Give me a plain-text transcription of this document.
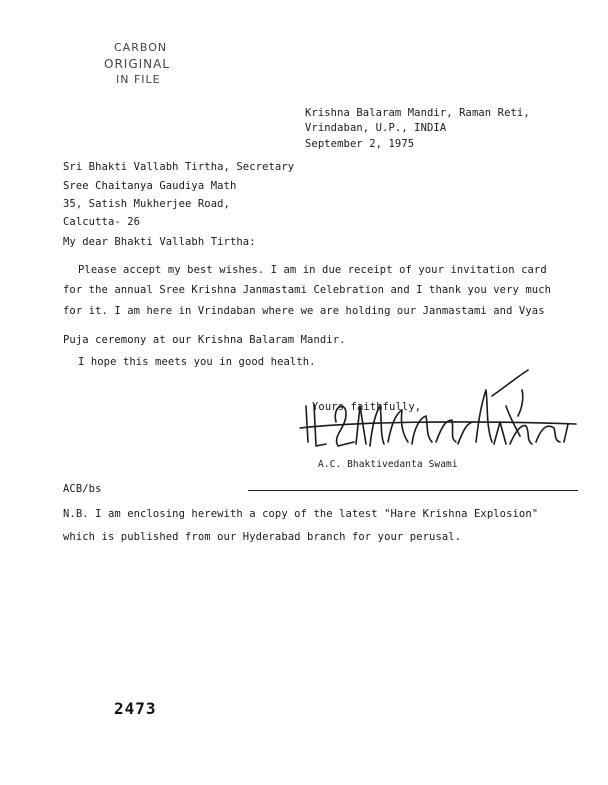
CARBON
ORIGINAL
IN FILE
Krishna Balaram Mandir, Raman Reti,
Vrindaban, U.P., INDIA
September 2, 1975
Sri Bhakti Vallabh Tirtha, Secretary
Sree Chaitanya Gaudiya Math
35, Satish Mukherjee Road,
Calcutta- 26
My dear Bhakti Vallabh Tirtha:
Please accept my best wishes. I am in due receipt of your invitation card
for the annual Sree Krishna Janmastami Celebration and I thank you very much
for it. I am here in Vrindaban where we are holding our Janmastami and Vyas
Puja ceremony at our Krishna Balaram Mandir.
I hope this meets you in good health.
Yours faithfully,
A.C. Bhaktivedanta Swami
ACB/bs
N.B. I am enclosing herewith a copy of the latest "Hare Krishna Explosion"
which is published from our Hyderabad branch for your perusal.
2473
